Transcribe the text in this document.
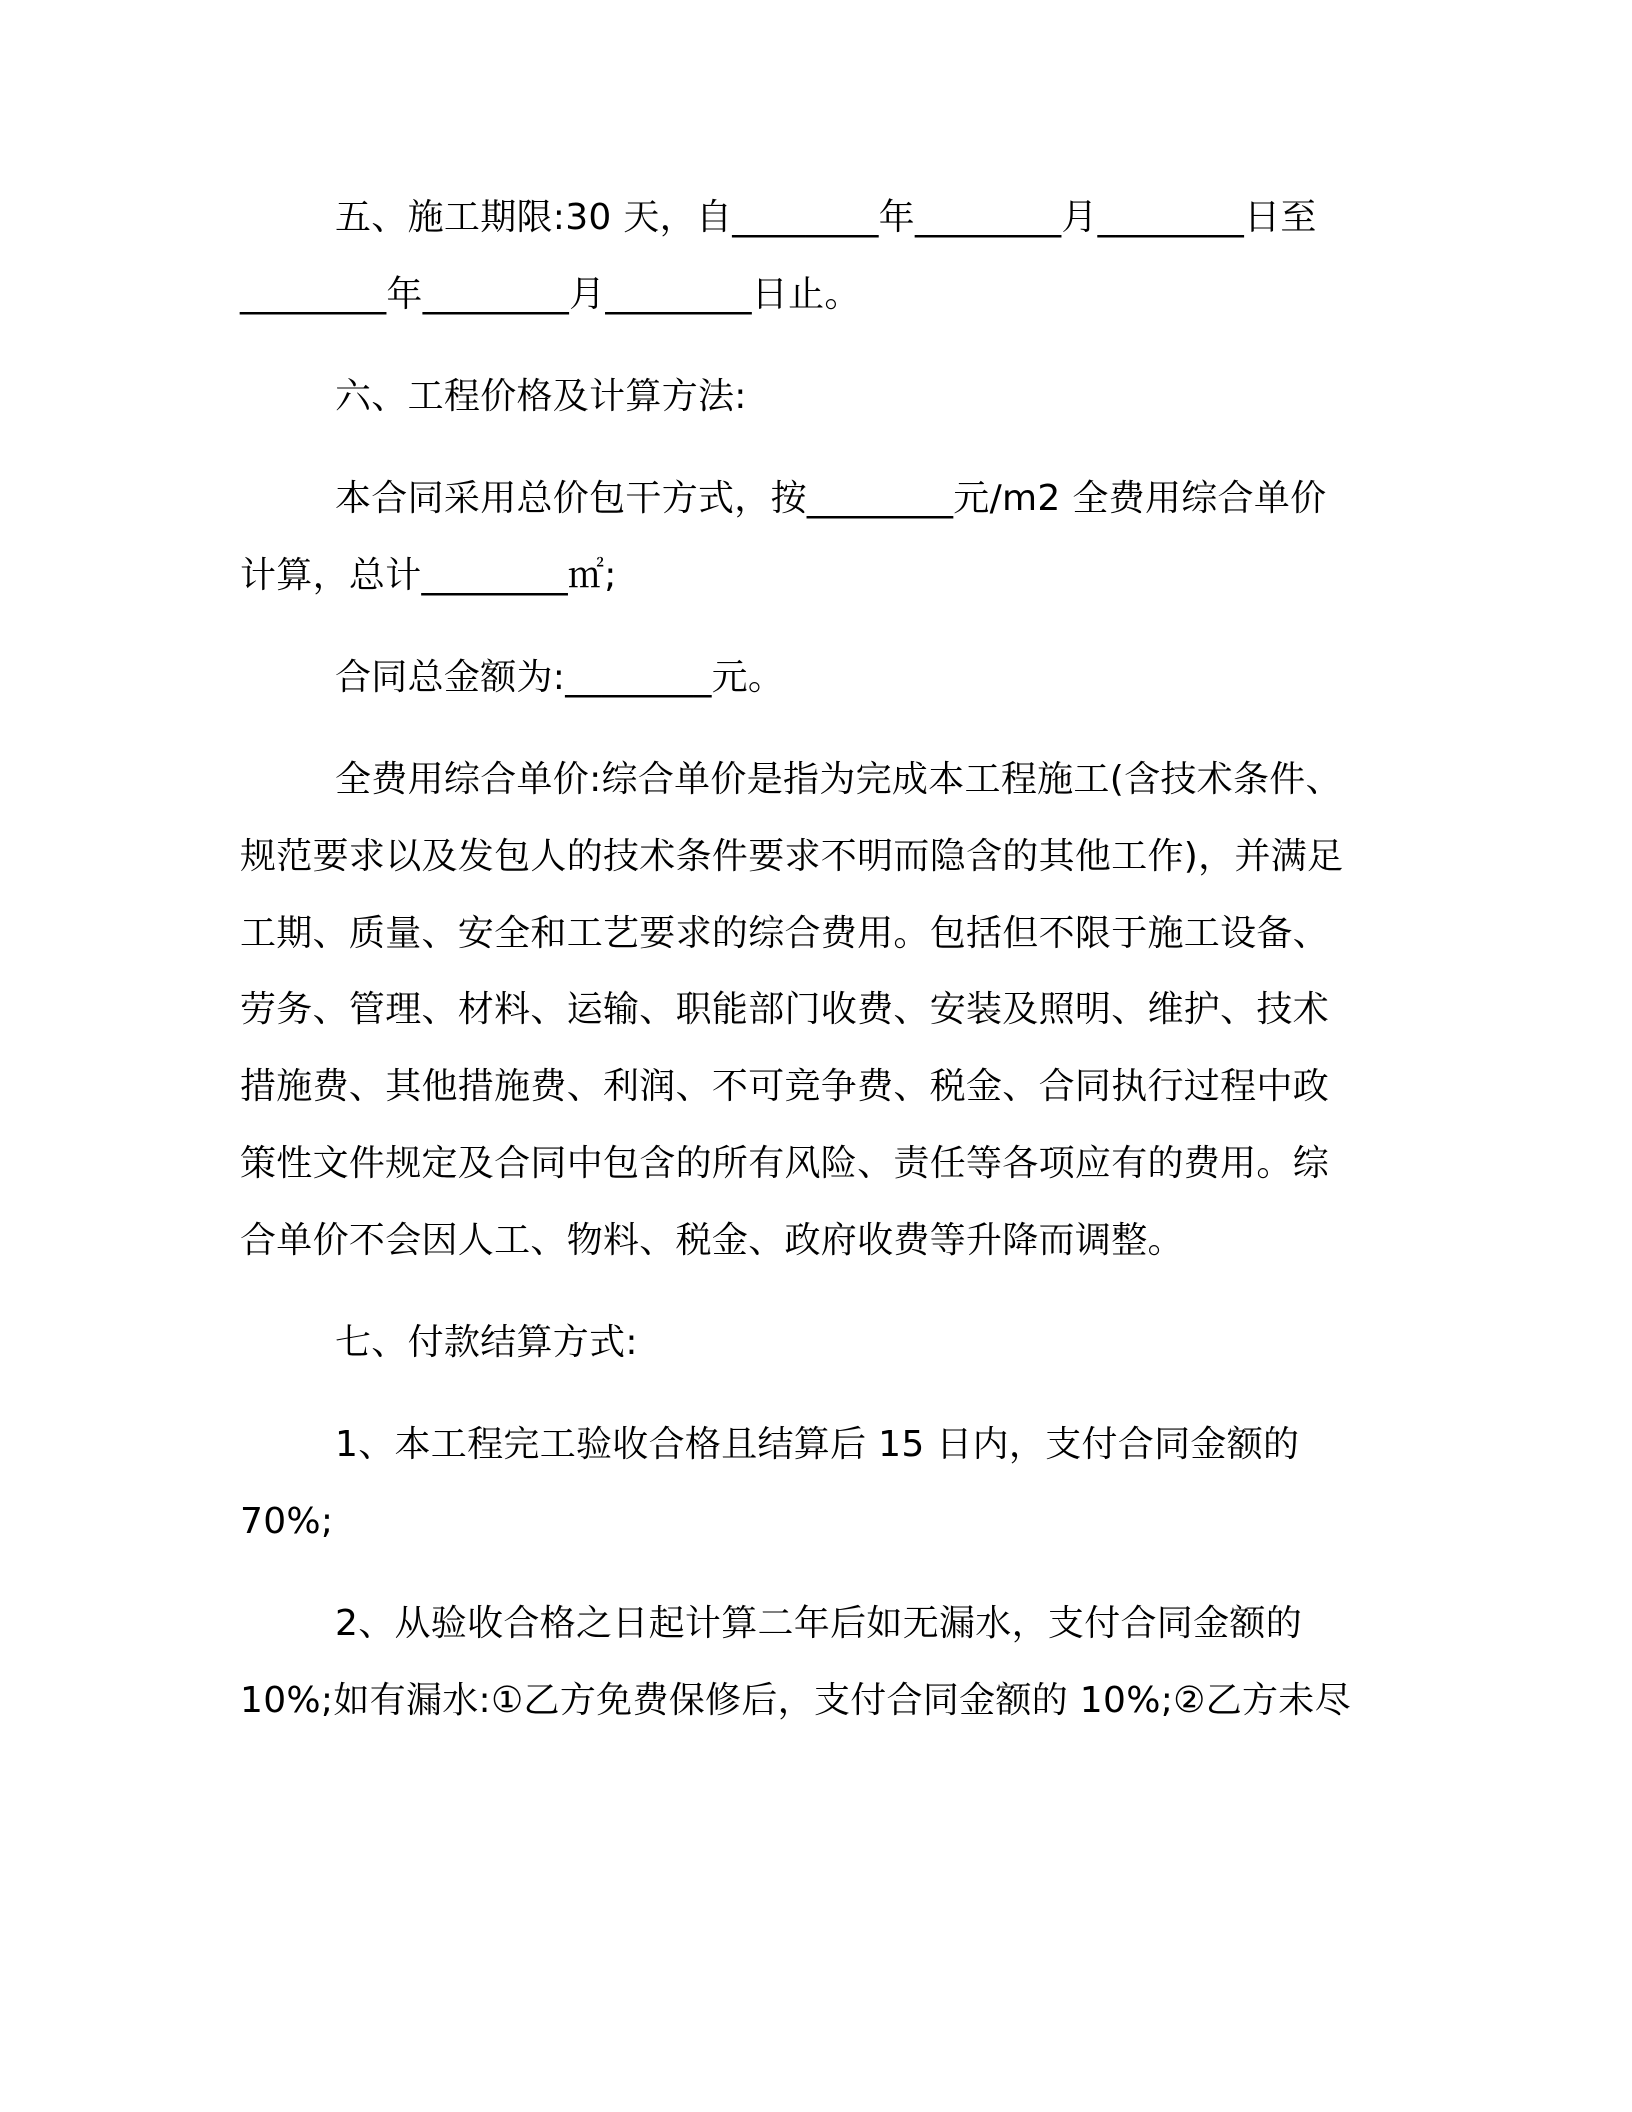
五、施工期限:30 天，自________年________月________日至
________年________月________日止。
六、工程价格及计算方法:
本合同采用总价包干方式，按________元/m2 全费用综合单价
计算，总计________㎡;
合同总金额为:________元。
全费用综合单价:综合单价是指为完成本工程施工(含技术条件、
规范要求以及发包人的技术条件要求不明而隐含的其他工作)，并满足
工期、质量、安全和工艺要求的综合费用。包括但不限于施工设备、
劳务、管理、材料、运输、职能部门收费、安装及照明、维护、技术
措施费、其他措施费、利润、不可竞争费、税金、合同执行过程中政
策性文件规定及合同中包含的所有风险、责任等各项应有的费用。综
合单价不会因人工、物料、税金、政府收费等升降而调整。
七、付款结算方式:
1、本工程完工验收合格且结算后 15 日内，支付合同金额的
70%;
2、从验收合格之日起计算二年后如无漏水，支付合同金额的
10%;如有漏水:①乙方免费保修后，支付合同金额的 10%;②乙方未尽
